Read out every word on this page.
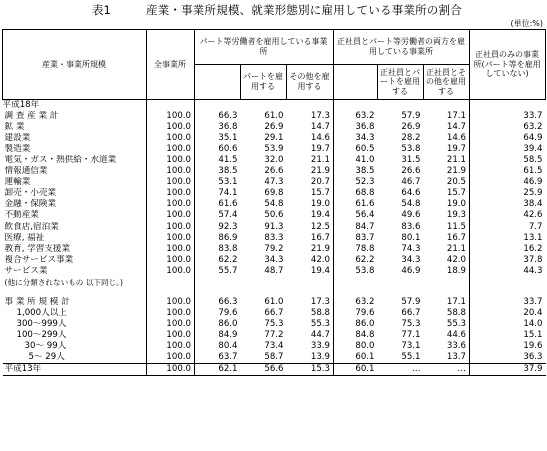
表1	産業・事業所規模、就業形態別に雇用している事業所の割合
(単位:%)
産業・事業所規模	全事業所	パート等労働者を雇用している事業所			正社員とパート等労働者の両方を雇用している事業所			正社員のみの事業所(パート等を雇用していない)
			パートを雇用する	その他を雇用する		正社員とパートを雇用する	正社員とその他を雇用する	
平成18年								
調 査 産 業 計	100.0	66.3	61.0	17.3	63.2	57.9	17.1	33.7
鉱 業	100.0	36.8	26.9	14.7	36.8	26.9	14.7	63.2
建設業	100.0	35.1	29.1	14.6	34.3	28.2	14.6	64.9
製造業	100.0	60.6	53.9	19.7	60.5	53.8	19.7	39.4
電気・ガス・熱供給・水道業	100.0	41.5	32.0	21.1	41.0	31.5	21.1	58.5
情報通信業	100.0	38.5	26.6	21.9	38.5	26.6	21.9	61.5
運輸業	100.0	53.1	47.3	20.7	52.3	46.7	20.5	46.9
卸売・小売業	100.0	74.1	69.8	15.7	68.8	64.6	15.7	25.9
金融・保険業	100.0	61.6	54.8	19.0	61.6	54.8	19.0	38.4
不動産業	100.0	57.4	50.6	19.4	56.4	49.6	19.3	42.6
飲食店,宿泊業	100.0	92.3	91.3	12.5	84.7	83.6	11.5	7.7
医療, 福祉	100.0	86.9	83.3	16.7	83.7	80.1	16.7	13.1
教育, 学習支援業	100.0	83.8	79.2	21.9	78.8	74.3	21.1	16.2
複合サービス事業	100.0	62.2	34.3	42.0	62.2	34.3	42.0	37.8
サービス業	100.0	55.7	48.7	19.4	53.8	46.9	18.9	44.3
(他に分類されないもの 以下同じ。)								

事 業 所 規 模 計	100.0	66.3	61.0	17.3	63.2	57.9	17.1	33.7
1,000人以上	100.0	79.6	66.7	58.8	79.6	66.7	58.8	20.4
300～999人	100.0	86.0	75.3	55.3	86.0	75.3	55.3	14.0
100～299人	100.0	84.9	77.2	44.7	84.8	77.1	44.6	15.1
30～ 99人	100.0	80.4	73.4	33.9	80.0	73.1	33.6	19.6
5～ 29人	100.0	63.7	58.7	13.9	60.1	55.1	13.7	36.3
平成13年	100.0	62.1	56.6	15.3	60.1	…	…	37.9
